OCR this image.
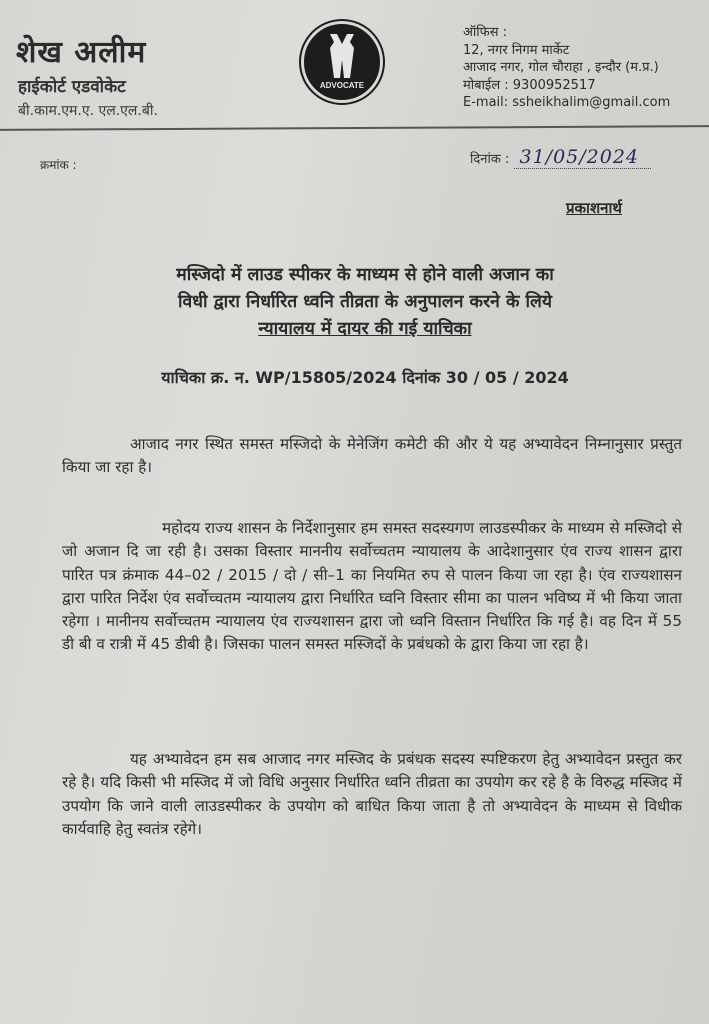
शेख अलीम
हाईकोर्ट एडवोकेट
बी.काम.एम.ए. एल.एल.बी.
ADVOCATE
ऑफिस :
12, नगर निगम मार्केट
आजाद नगर, गोल चौराहा , इन्दौर (म.प्र.)
मोबाईल : 9300952517
E-mail: ssheikhalim@gmail.com
क्रमांक :	दिनांक : 31/05/2024
प्रकाशनार्थ
मस्जिदो में लाउड स्पीकर के माध्यम से होने वाली अजान का
विधी द्वारा निर्धारित ध्वनि तीव्रता के अनुपालन करने के लिये
न्यायालय में दायर की गई याचिका
याचिका क्र. न. WP/15805/2024 दिनांक 30 / 05 / 2024
आजाद नगर स्थित समस्त मस्जिदो के मेनेजिंग कमेटी की और ये यह अभ्यावेदन निम्नानुसार प्रस्तुत किया जा रहा है।
महोदय राज्य शासन के निर्देशानुसार हम समस्त सदस्यगण लाउडस्पीकर के माध्यम से मस्जिदो से जो अजान दि जा रही है। उसका विस्तार माननीय सर्वोच्चतम न्यायालय के आदेशानुसार एंव राज्य शासन द्वारा पारित पत्र क्रंमाक 44–02 / 2015 / दो / सी–1 का नियमित रुप से पालन किया जा रहा है। एंव राज्यशासन द्वारा पारित निर्देश एंव सर्वोच्चतम न्यायालय द्वारा निर्धारित घ्वनि विस्तार सीमा का पालन भविष्य में भी किया जाता रहेगा । मानीनय सर्वोच्चतम न्यायालय एंव राज्यशासन द्वारा जो ध्वनि विस्तान निर्धारित कि गई है। वह दिन में 55 डी बी व रात्री में 45 डीबी है। जिसका पालन समस्त मस्जिदों के प्रबंधको के द्वारा किया जा रहा है।
यह अभ्यावेदन हम सब आजाद नगर मस्जिद के प्रबंधक सदस्य स्पष्टिकरण हेतु अभ्यावेदन प्रस्तुत कर रहे है। यदि किसी भी मस्जिद में जो विधि अनुसार निर्धारित ध्वनि तीव्रता का उपयोग कर रहे है के विरुद्ध मस्जिद में उपयोग कि जाने वाली लाउडस्पीकर के उपयोग को बाधित किया जाता है तो अभ्यावेदन के माध्यम से विधीक कार्यवाहि हेतु स्वतंत्र रहेगे।
